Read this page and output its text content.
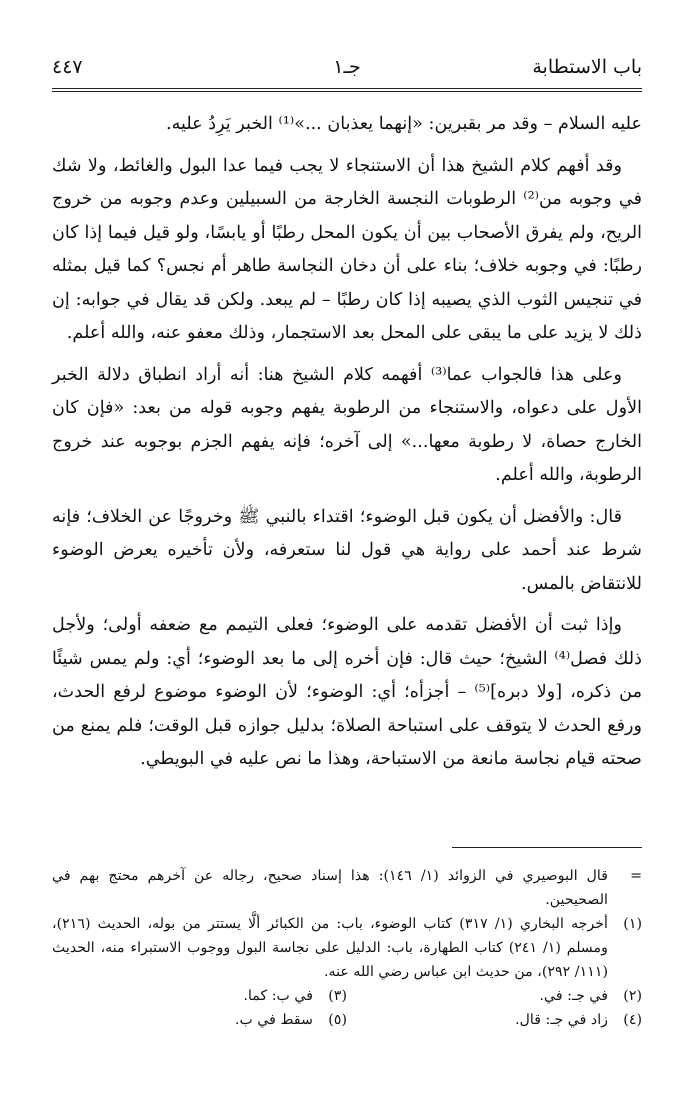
باب الاستطابة
جـ١
٤٤٧

عليه السلام – وقد مر بقبرين: «إنهما يعذبان ...»⁽¹⁾ الخبر يَرِدُ عليه.

وقد أفهم كلام الشيخ هذا أن الاستنجاء لا يجب فيما عدا البول والغائط، ولا شك في وجوبه من⁽²⁾ الرطوبات النجسة الخارجة من السبيلين وعدم وجوبه من خروج الريح، ولم يفرق الأصحاب بين أن يكون المحل رطبًا أو يابسًا، ولو قيل فيما إذا كان رطبًا: في وجوبه خلاف؛ بناء على أن دخان النجاسة طاهر أم نجس؟ كما قيل بمثله في تنجيس الثوب الذي يصيبه إذا كان رطبًا – لم يبعد. ولكن قد يقال في جوابه: إن ذلك لا يزيد على ما يبقى على المحل بعد الاستجمار، وذلك معفو عنه، والله أعلم.

وعلى هذا فالجواب عما⁽³⁾ أفهمه كلام الشيخ هنا: أنه أراد انطباق دلالة الخبر الأول على دعواه، والاستنجاء من الرطوبة يفهم وجوبه قوله من بعد: «فإن كان الخارج حصاة، لا رطوبة معها...» إلى آخره؛ فإنه يفهم الجزم بوجوبه عند خروج الرطوبة، والله أعلم.

قال: والأفضل أن يكون قبل الوضوء؛ اقتداء بالنبي ﷺ وخروجًا عن الخلاف؛ فإنه شرط عند أحمد على رواية هي قول لنا ستعرفه، ولأن تأخيره يعرض الوضوء للانتقاض بالمس.

وإذا ثبت أن الأفضل تقدمه على الوضوء؛ فعلى التيمم مع ضعفه أولى؛ ولأجل ذلك فصل⁽⁴⁾ الشيخ؛ حيث قال: فإن أخره إلى ما بعد الوضوء؛ أي: ولم يمس شيئًا من ذكره، [ولا دبره]⁽⁵⁾ – أجزأه؛ أي: الوضوء؛ لأن الوضوء موضوع لرفع الحدث، ورفع الحدث لا يتوقف على استباحة الصلاة؛ بدليل جوازه قبل الوقت؛ فلم يمنع من صحته قيام نجاسة مانعة من الاستباحة، وهذا ما نص عليه في البويطي.

=
قال البوصيري في الزوائد (١/ ١٤٦): هذا إسناد صحيح، رجاله عن آخرهم محتج بهم في الصحيحين.
(١)
أخرجه البخاري (١/ ٣١٧) كتاب الوضوء، باب: من الكبائر ألَّا يستتر من بوله، الحديث (٢١٦)، ومسلم (١/ ٢٤١) كتاب الطهارة، باب: الدليل على نجاسة البول ووجوب الاستبراء منه، الحديث (١١١/ ٢٩٢)، من حديث ابن عباس رضي الله عنه.
(٢)
في جـ: في.
(٣)
في ب: كما.
(٤)
زاد في جـ: قال.
(٥)
سقط في ب.
